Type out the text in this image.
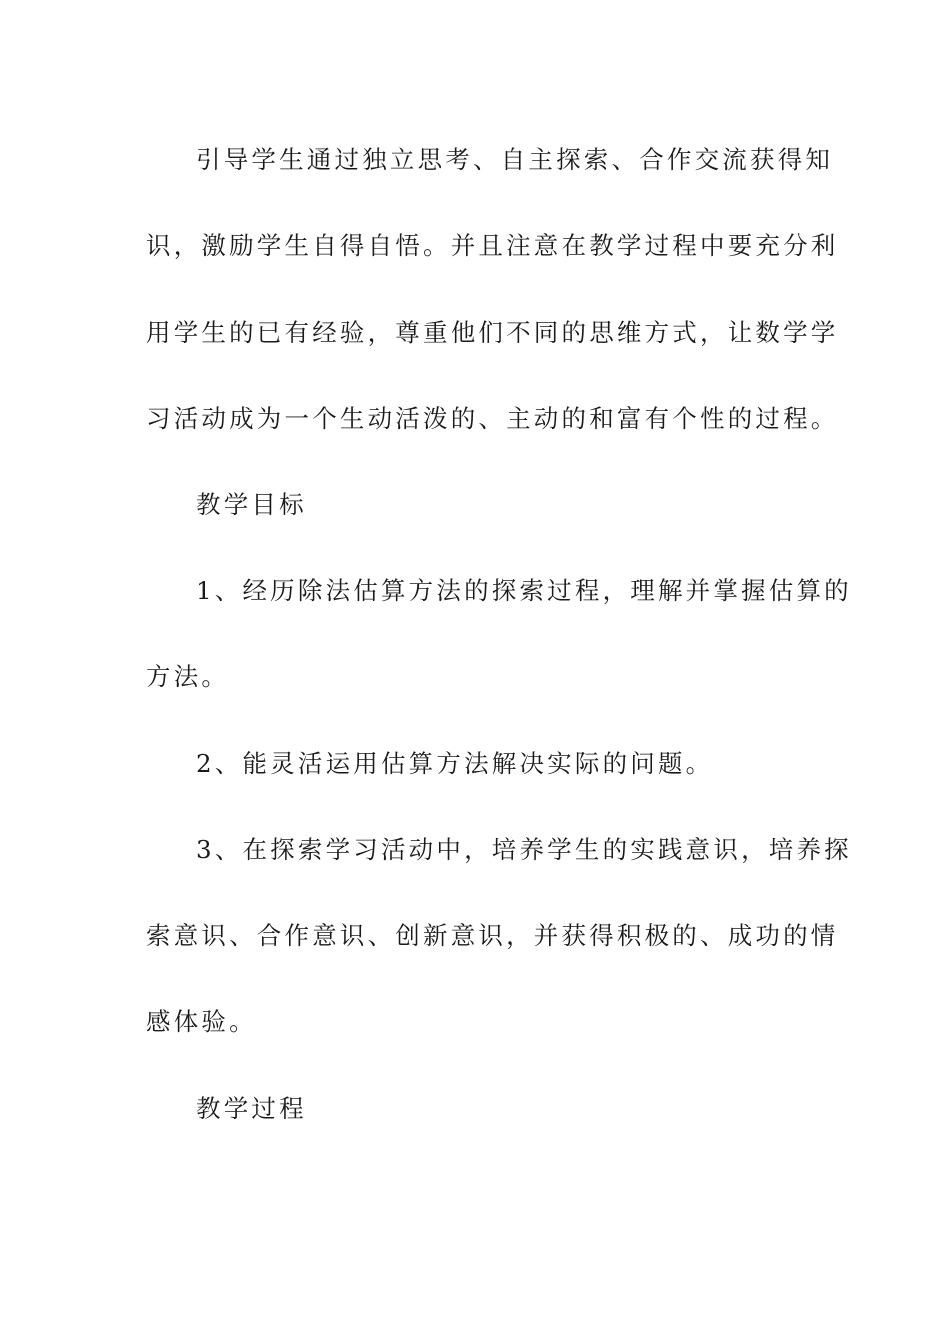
引导学生通过独立思考、自主探索、合作交流获得知
识，激励学生自得自悟。并且注意在教学过程中要充分利
用学生的已有经验，尊重他们不同的思维方式，让数学学
习活动成为一个生动活泼的、主动的和富有个性的过程。
教学目标
1、经历除法估算方法的探索过程，理解并掌握估算的
方法。
2、能灵活运用估算方法解决实际的问题。
3、在探索学习活动中，培养学生的实践意识，培养探
索意识、合作意识、创新意识，并获得积极的、成功的情
感体验。
教学过程
